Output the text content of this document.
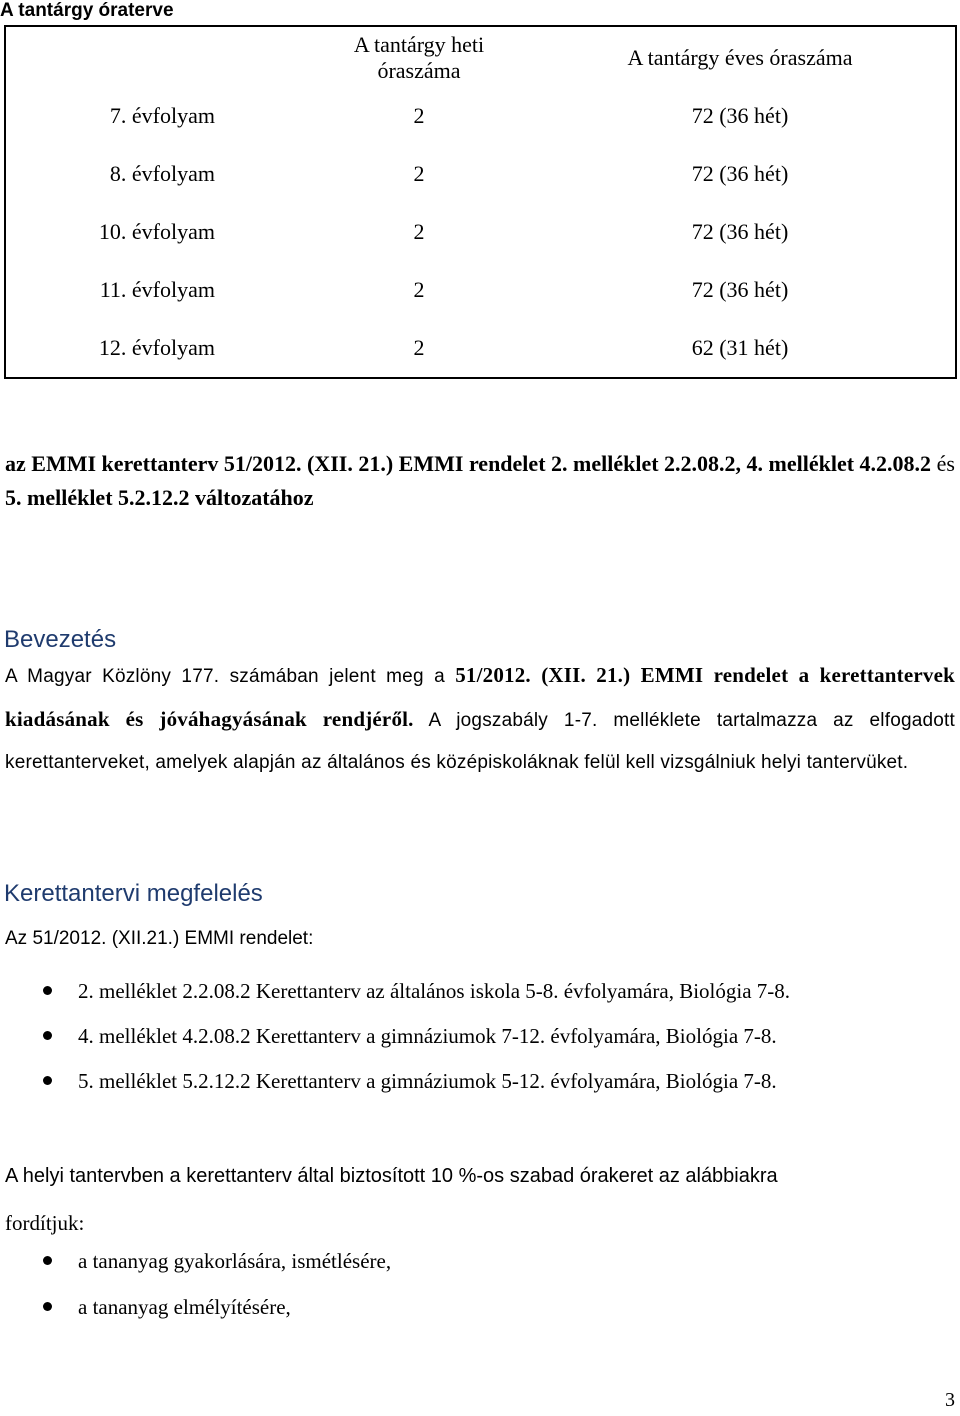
A tantárgy óraterve
	A tantárgy heti óraszáma	A tantárgy éves óraszáma
7. évfolyam	2	72 (36 hét)
8. évfolyam	2	72 (36 hét)
10. évfolyam	2	72 (36 hét)
11. évfolyam	2	72 (36 hét)
12. évfolyam	2	62 (31 hét)
az EMMI kerettanterv 51/2012. (XII. 21.) EMMI rendelet 2. melléklet 2.2.08.2, 4. melléklet 4.2.08.2 és 5. melléklet 5.2.12.2 változatához
Bevezetés
A Magyar Közlöny 177. számában jelent meg a 51/2012. (XII. 21.) EMMI rendelet a kerettantervek kiadásának és jóváhagyásának rendjéről. A jogszabály 1-7. melléklete tartalmazza az elfogadott kerettanterveket, amelyek alapján az általános és középiskoláknak felül kell vizsgálniuk helyi tantervüket.
Kerettantervi megfelelés
Az 51/2012. (XII.21.) EMMI rendelet:
2. melléklet 2.2.08.2 Kerettanterv az általános iskola 5-8. évfolyamára, Biológia 7-8.
4. melléklet 4.2.08.2 Kerettanterv a gimnáziumok 7-12. évfolyamára, Biológia 7-8.
5. melléklet 5.2.12.2 Kerettanterv a gimnáziumok 5-12. évfolyamára, Biológia 7-8.
A helyi tantervben a kerettanterv által biztosított 10 %-os szabad órakeret az alábbiakra
fordítjuk:
a tananyag gyakorlására, ismétlésére,
a tananyag elmélyítésére,
3
